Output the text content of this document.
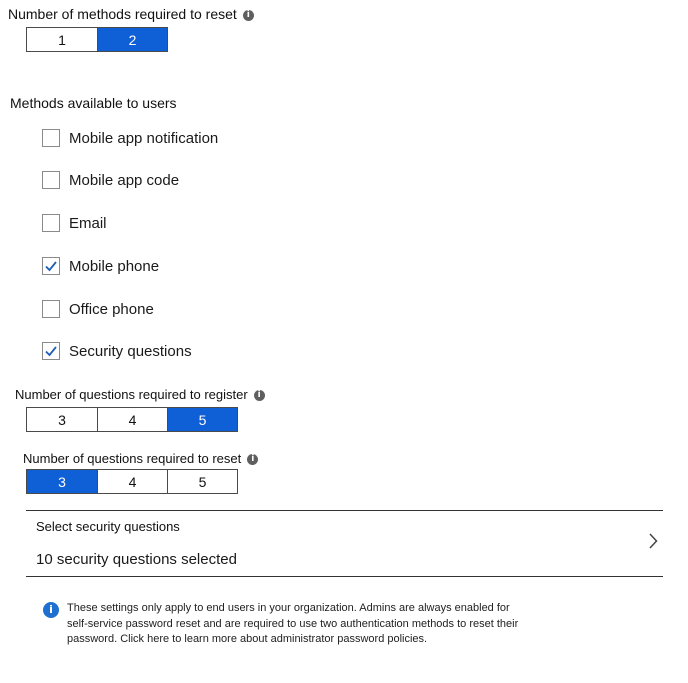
Number of methods required to reset i
1	2
Methods available to users
Mobile app notification
Mobile app code
Email
Mobile phone
Office phone
Security questions
Number of questions required to register i
3	4	5
Number of questions required to reset i
3	4	5
Select security questions
10 security questions selected
i	These settings only apply to end users in your organization. Admins are always enabled for self-service password reset and are required to use two authentication methods to reset their password. Click here to learn more about administrator password policies.
